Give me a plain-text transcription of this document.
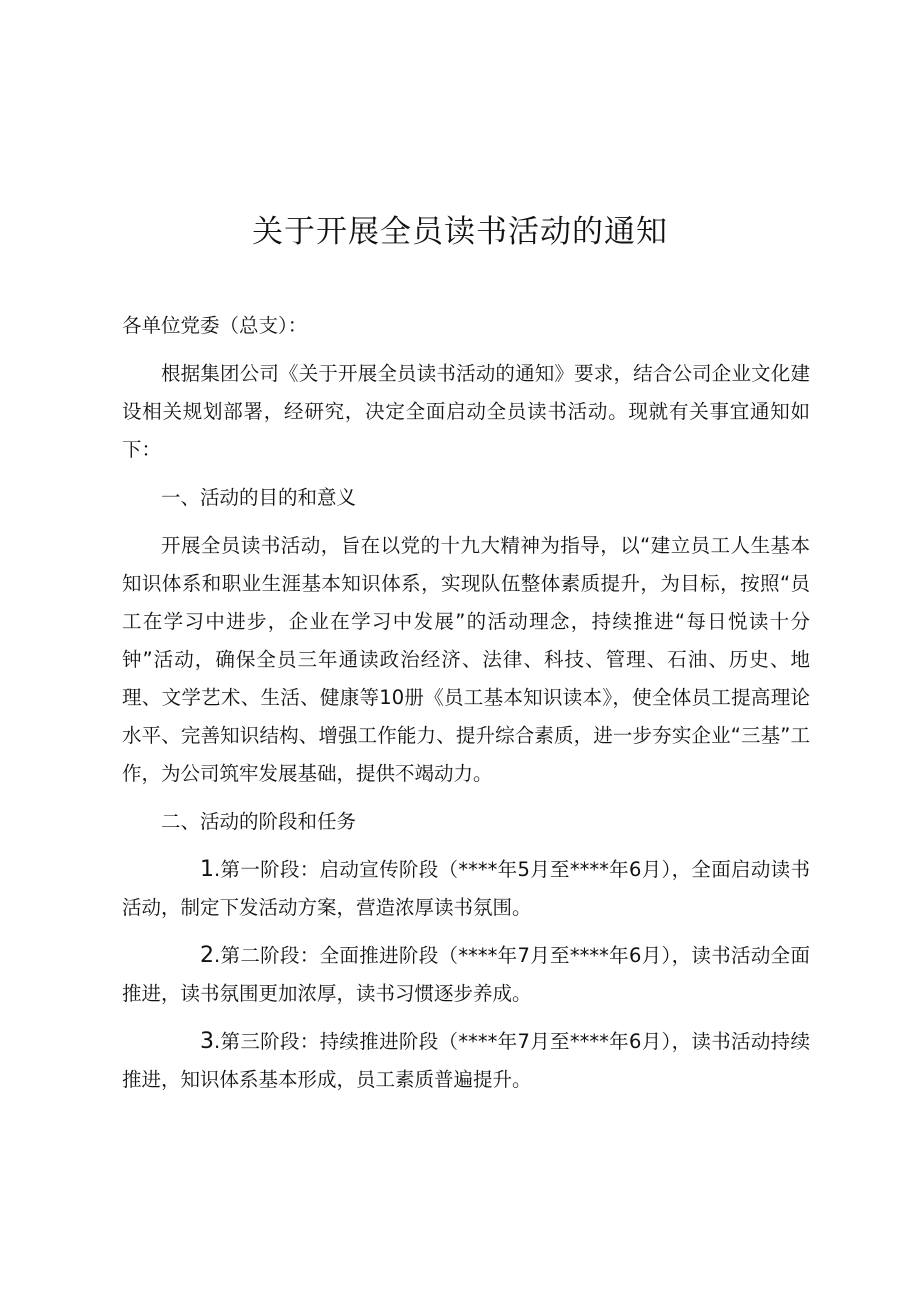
关于开展全员读书活动的通知

各单位党委（总支）：

根据集团公司《关于开展全员读书活动的通知》要求，结合公司企业文化建设相关规划部署，经研究，决定全面启动全员读书活动。现就有关事宜通知如下：

一、活动的目的和意义

开展全员读书活动，旨在以党的十九大精神为指导，以“建立员工人生基本知识体系和职业生涯基本知识体系，实现队伍整体素质提升，为目标，按照“员工在学习中进步，企业在学习中发展”的活动理念，持续推进“每日悦读十分钟”活动，确保全员三年通读政治经济、法律、科技、管理、石油、历史、地理、文学艺术、生活、健康等10册《员工基本知识读本》，使全体员工提高理论水平、完善知识结构、增强工作能力、提升综合素质，进一步夯实企业“三基”工作，为公司筑牢发展基础，提供不竭动力。

二、活动的阶段和任务

1.第一阶段：启动宣传阶段（****年5月至****年6月），全面启动读书活动，制定下发活动方案，营造浓厚读书氛围。

2.第二阶段：全面推进阶段（****年7月至****年6月），读书活动全面推进，读书氛围更加浓厚，读书习惯逐步养成。

3.第三阶段：持续推进阶段（****年7月至****年6月），读书活动持续推进，知识体系基本形成，员工素质普遍提升。
